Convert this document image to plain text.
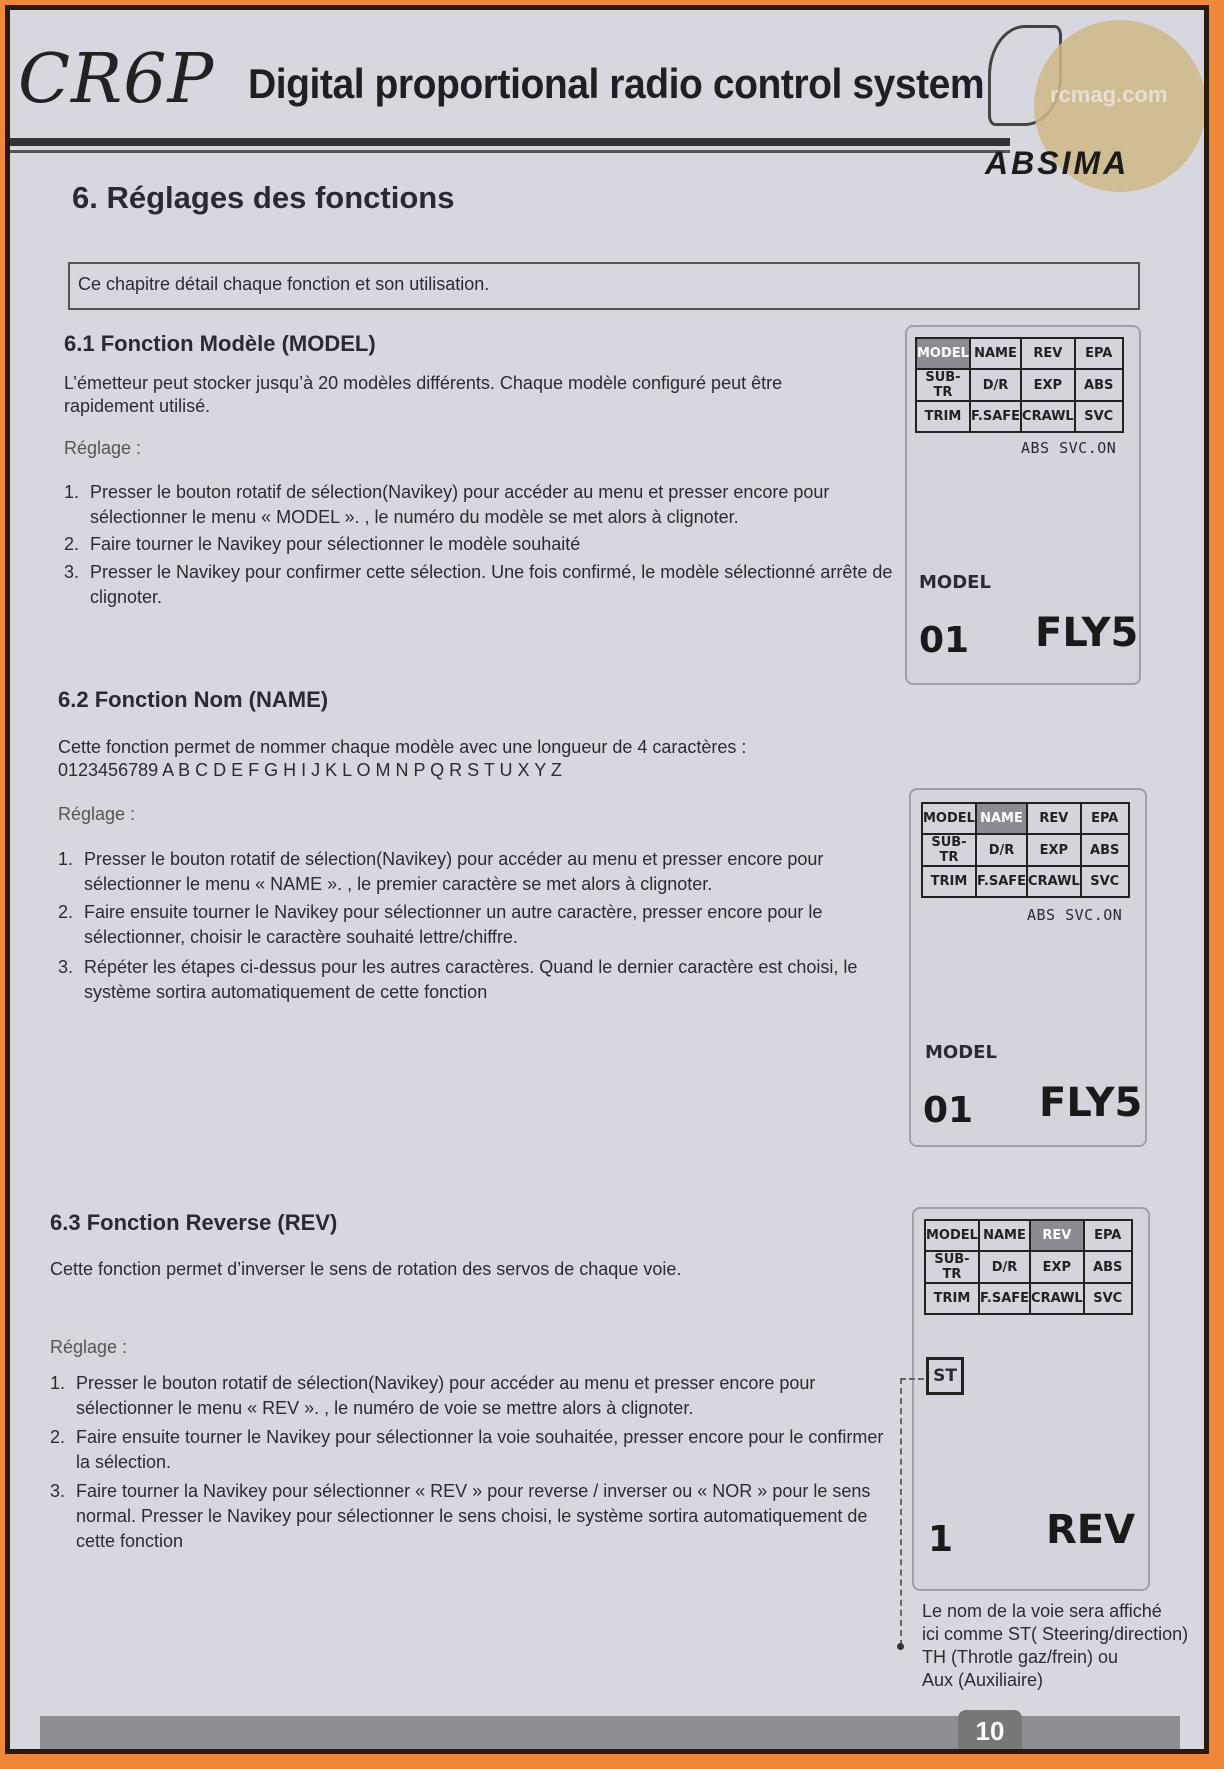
rcmag.com
CR6P Digital proportional radio control system
ABSIMA
6. Réglages des fonctions
Ce chapitre détail chaque fonction et son utilisation.
6.1 Fonction Modèle (MODEL)
L’émetteur peut stocker jusqu’à 20 modèles différents. Chaque modèle configuré peut être rapidement utilisé.
Réglage :
1. Presser le bouton rotatif de sélection(Navikey) pour accéder au menu et presser encore pour sélectionner le menu « MODEL ». , le numéro du modèle se met alors à clignoter.
2. Faire tourner le Navikey pour sélectionner le modèle souhaité
3. Presser le Navikey pour confirmer cette sélection. Une fois confirmé, le modèle sélectionné arrête de clignoter.
MODEL	NAME	REV	EPA
SUB-TR	D/R	EXP	ABS
TRIM	F.SAFE	CRAWL	SVC
ABS SVC.ON
MODEL
01 FLY5
6.2 Fonction Nom (NAME)
Cette fonction permet de nommer chaque modèle avec une longueur de 4 caractères :
0123456789 A B C D E F G H I J K L O M N P Q R S T U X Y Z
Réglage :
1. Presser le bouton rotatif de sélection(Navikey) pour accéder au menu et presser encore pour sélectionner le menu « NAME ». , le premier caractère se met alors à clignoter.
2. Faire ensuite tourner le Navikey pour sélectionner un autre caractère, presser encore pour le sélectionner, choisir le caractère souhaité lettre/chiffre.
3. Répéter les étapes ci-dessus pour les autres caractères. Quand le dernier caractère est choisi, le système sortira automatiquement de cette fonction
MODEL	NAME	REV	EPA
SUB-TR	D/R	EXP	ABS
TRIM	F.SAFE	CRAWL	SVC
ABS SVC.ON
MODEL
01 FLY5
6.3 Fonction Reverse (REV)
Cette fonction permet d’inverser le sens de rotation des servos de chaque voie.
Réglage :
1. Presser le bouton rotatif de sélection(Navikey) pour accéder au menu et presser encore pour sélectionner le menu « REV ». , le numéro de voie se mettre alors à clignoter.
2. Faire ensuite tourner le Navikey pour sélectionner la voie souhaitée, presser encore pour le confirmer la sélection.
3. Faire tourner la Navikey pour sélectionner « REV » pour reverse / inverser ou « NOR » pour le sens normal. Presser le Navikey pour sélectionner le sens choisi, le système sortira automatiquement de cette fonction
MODEL	NAME	REV	EPA
SUB-TR	D/R	EXP	ABS
TRIM	F.SAFE	CRAWL	SVC
ST
1 REV
Le nom de la voie sera affiché
ici comme ST( Steering/direction)
TH (Throtle gaz/frein) ou
Aux (Auxiliaire)
10
